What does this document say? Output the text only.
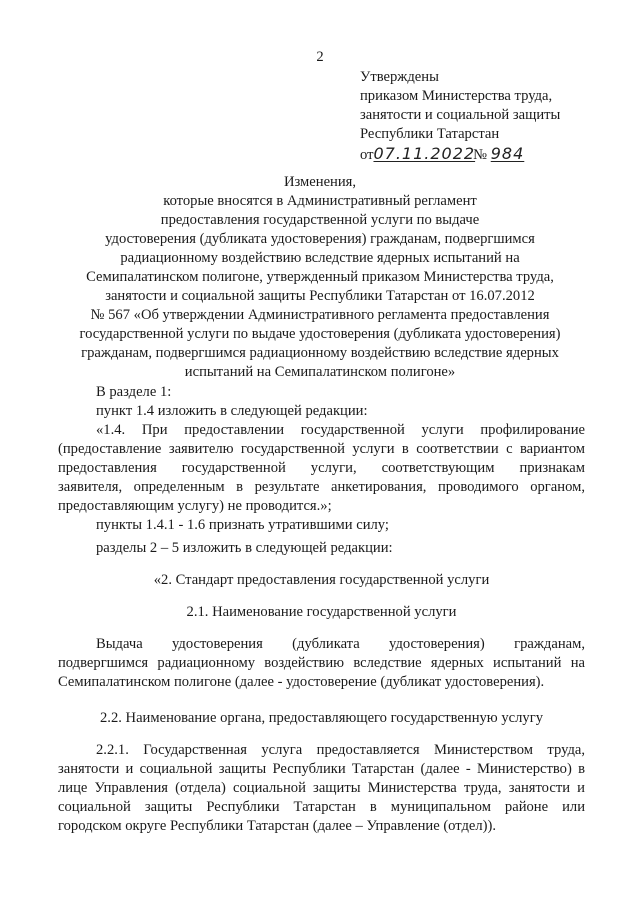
2
Утверждены
приказом Министерства труда,
занятости и социальной защиты
Республики Татарстан
от07.11.2022 № 984
Изменения,
которые вносятся в Административный регламент
предоставления государственной услуги по выдаче
удостоверения (дубликата удостоверения) гражданам, подвергшимся
радиационному воздействию вследствие ядерных испытаний на
Семипалатинском полигоне, утвержденный приказом Министерства труда,
занятости и социальной защиты Республики Татарстан от 16.07.2012
№ 567 «Об утверждении Административного регламента предоставления
государственной услуги по выдаче удостоверения (дубликата удостоверения)
гражданам, подвергшимся радиационному воздействию вследствие ядерных
испытаний на Семипалатинском полигоне»

В разделе 1:

пункт 1.4 изложить в следующей редакции:

«1.4. При предоставлении государственной услуги профилирование

(предоставление заявителю государственной услуги в соответствии с вариантом

предоставления государственной услуги, соответствующим признакам

заявителя, определенным в результате анкетирования, проводимого органом,

предоставляющим услугу) не проводится.»;

пункты 1.4.1 - 1.6 признать утратившими силу;

разделы 2 – 5 изложить в следующей редакции:

«2. Стандарт предоставления государственной услуги

2.1. Наименование государственной услуги

Выдача удостоверения (дубликата удостоверения) гражданам,

подвергшимся радиационному воздействию вследствие ядерных испытаний на

Семипалатинском полигоне (далее - удостоверение (дубликат удостоверения).

2.2. Наименование органа, предоставляющего государственную услугу

2.2.1. Государственная услуга предоставляется Министерством труда,

занятости и социальной защиты Республики Татарстан (далее - Министерство) в

лице Управления (отдела) социальной защиты Министерства труда, занятости и

социальной защиты Республики Татарстан в муниципальном районе или

городском округе Республики Татарстан (далее – Управление (отдел)).
